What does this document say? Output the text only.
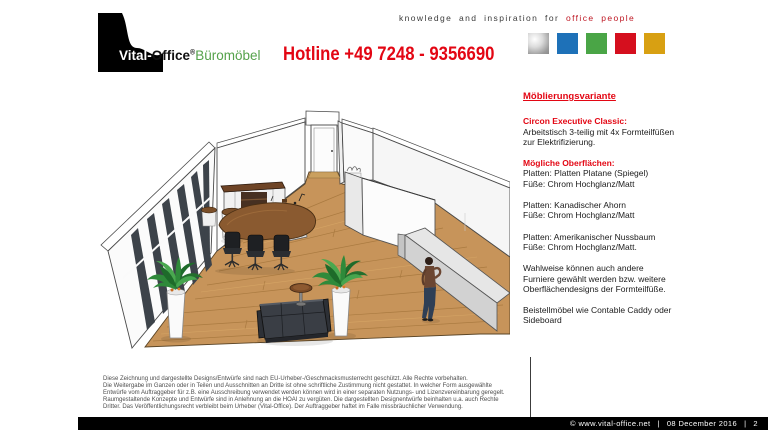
Vital-Office®Büromöbel Hotline +49 7248 - 9356690
knowledge and inspiration for office people
Möblierungsvariante
Circon Executive Classic:
Arbeitstisch 3-teilig mit 4x Formteilfüßen
zur Elektrifizierung.
Mögliche Oberflächen:
Platten: Platten Platane (Spiegel)
Füße: Chrom Hochglanz/Matt
Platten: Kanadischer Ahorn
Füße: Chrom Hochglanz/Matt
Platten: Amerikanischer Nussbaum
Füße: Chrom Hochglanz/Matt.
Wahlweise können auch andere
Furniere gewählt werden bzw. weitere
Oberflächendesigns der Formteilfüße.
Beistellmöbel wie Contable Caddy oder
Sideboard
Diese Zeichnung und dargestellte Designs/Entwürfe sind nach EU-Urheber-/Geschmacksmusterrecht geschützt. Alle Rechte vorbehalten.
Die Weitergabe im Ganzen oder in Teilen und Ausschnitten an Dritte ist ohne schriftliche Zustimmung nicht gestattet. In welcher Form ausgewählte
Entwürfe vom Auftraggeber für z.B. eine Ausschreibung verwendet werden können wird in einer separaten Nutzungs- und Lizenzvereinbarung geregelt.
Raumgestaltende Konzepte und Entwürfe sind in Anlehnung an die HOAI zu vergüten. Die dargestellten Designentwürfe beinhalten u.a. auch Rechte
Dritter. Das Veröffentlichungsrecht verbleibt beim Urheber (Vital-Office). Der Auftraggeber haftet im Falle missbräuchlicher Verwendung.
© www.vital-office.net | 08 December 2016 | 2
